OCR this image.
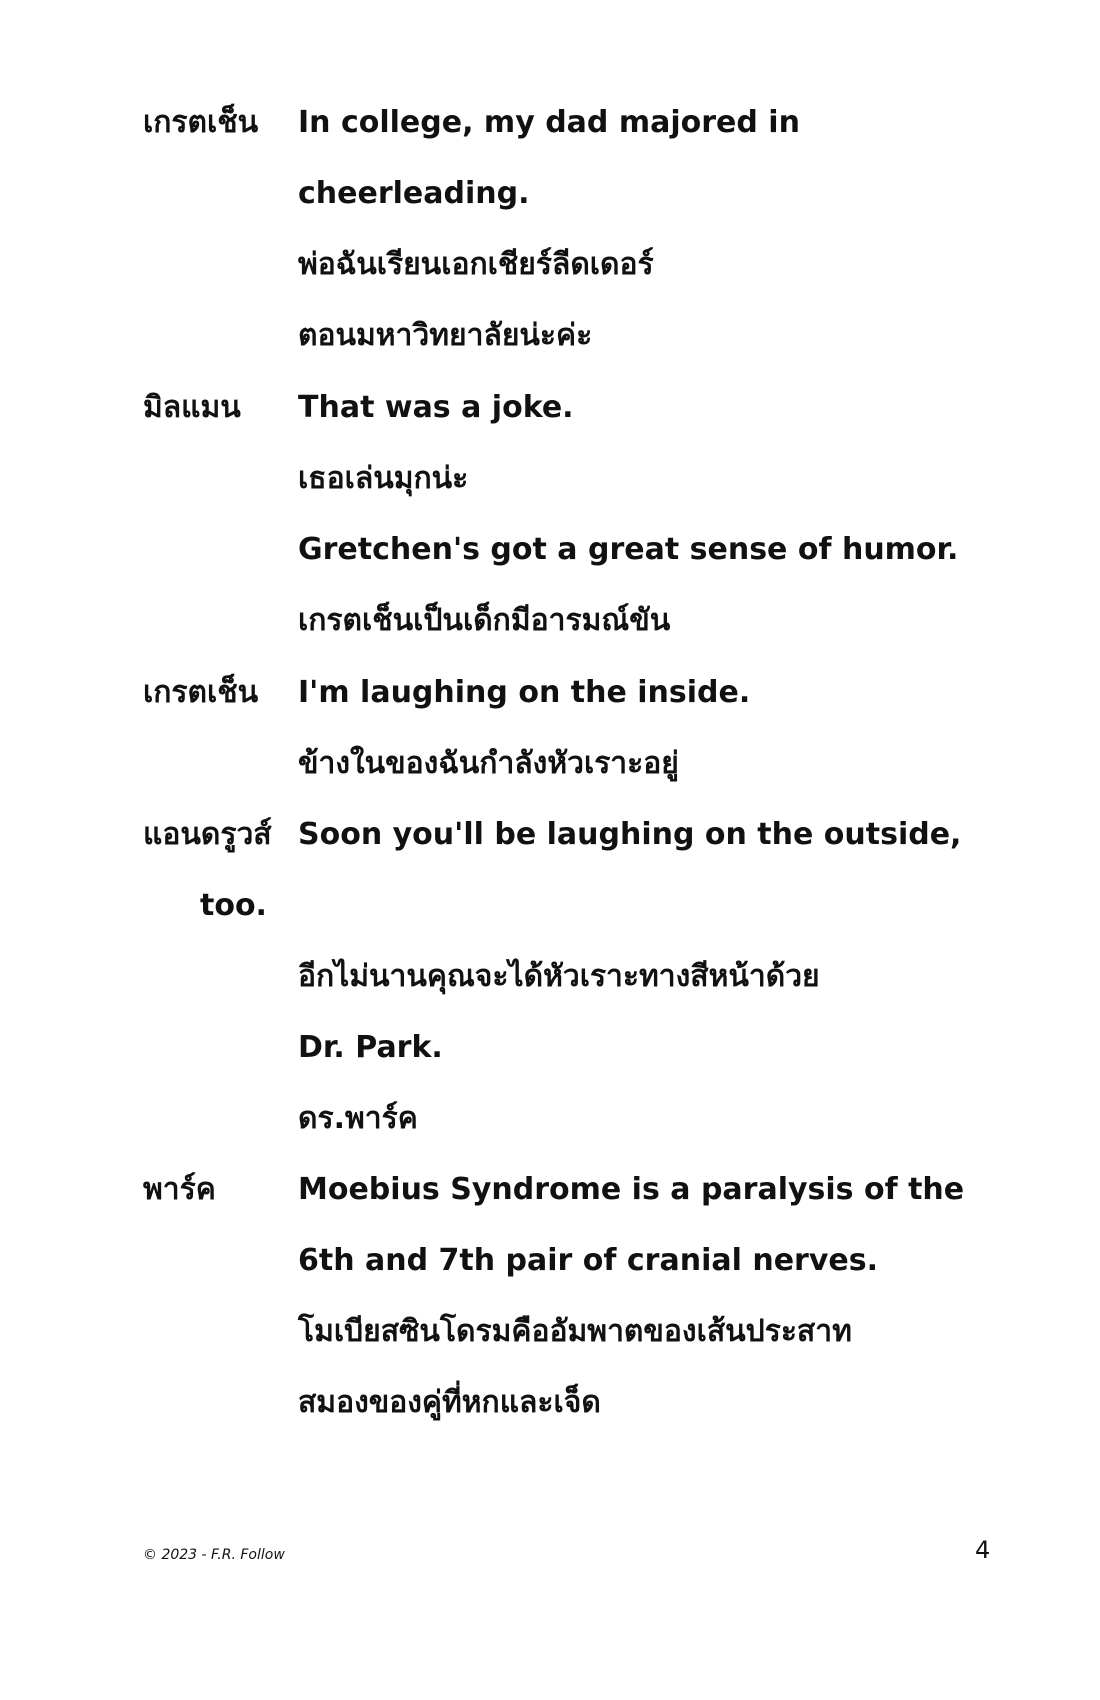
เกรตเช็น In college, my dad majored in
cheerleading.
พ่อฉันเรียนเอกเชียร์ลีดเดอร์
ตอนมหาวิทยาลัยน่ะค่ะ
มิลแมน That was a joke.
เธอเล่นมุกน่ะ
Gretchen's got a great sense of humor.
เกรตเช็นเป็นเด็กมีอารมณ์ขัน
เกรตเช็น I'm laughing on the inside.
ข้างในของฉันกำลังหัวเราะอยู่
แอนดรูวส์ Soon you'll be laughing on the outside,
too.
อีกไม่นานคุณจะได้หัวเราะทางสีหน้าด้วย
Dr. Park.
ดร.พาร์ค
พาร์ค	Moebius Syndrome is a paralysis of the
6th and 7th pair of cranial nerves.
โมเบียสซินโดรมคืออัมพาตของเส้นประสาท
สมองของคู่ที่หกและเจ็ด
© 2023 - F.R. Follow	4
